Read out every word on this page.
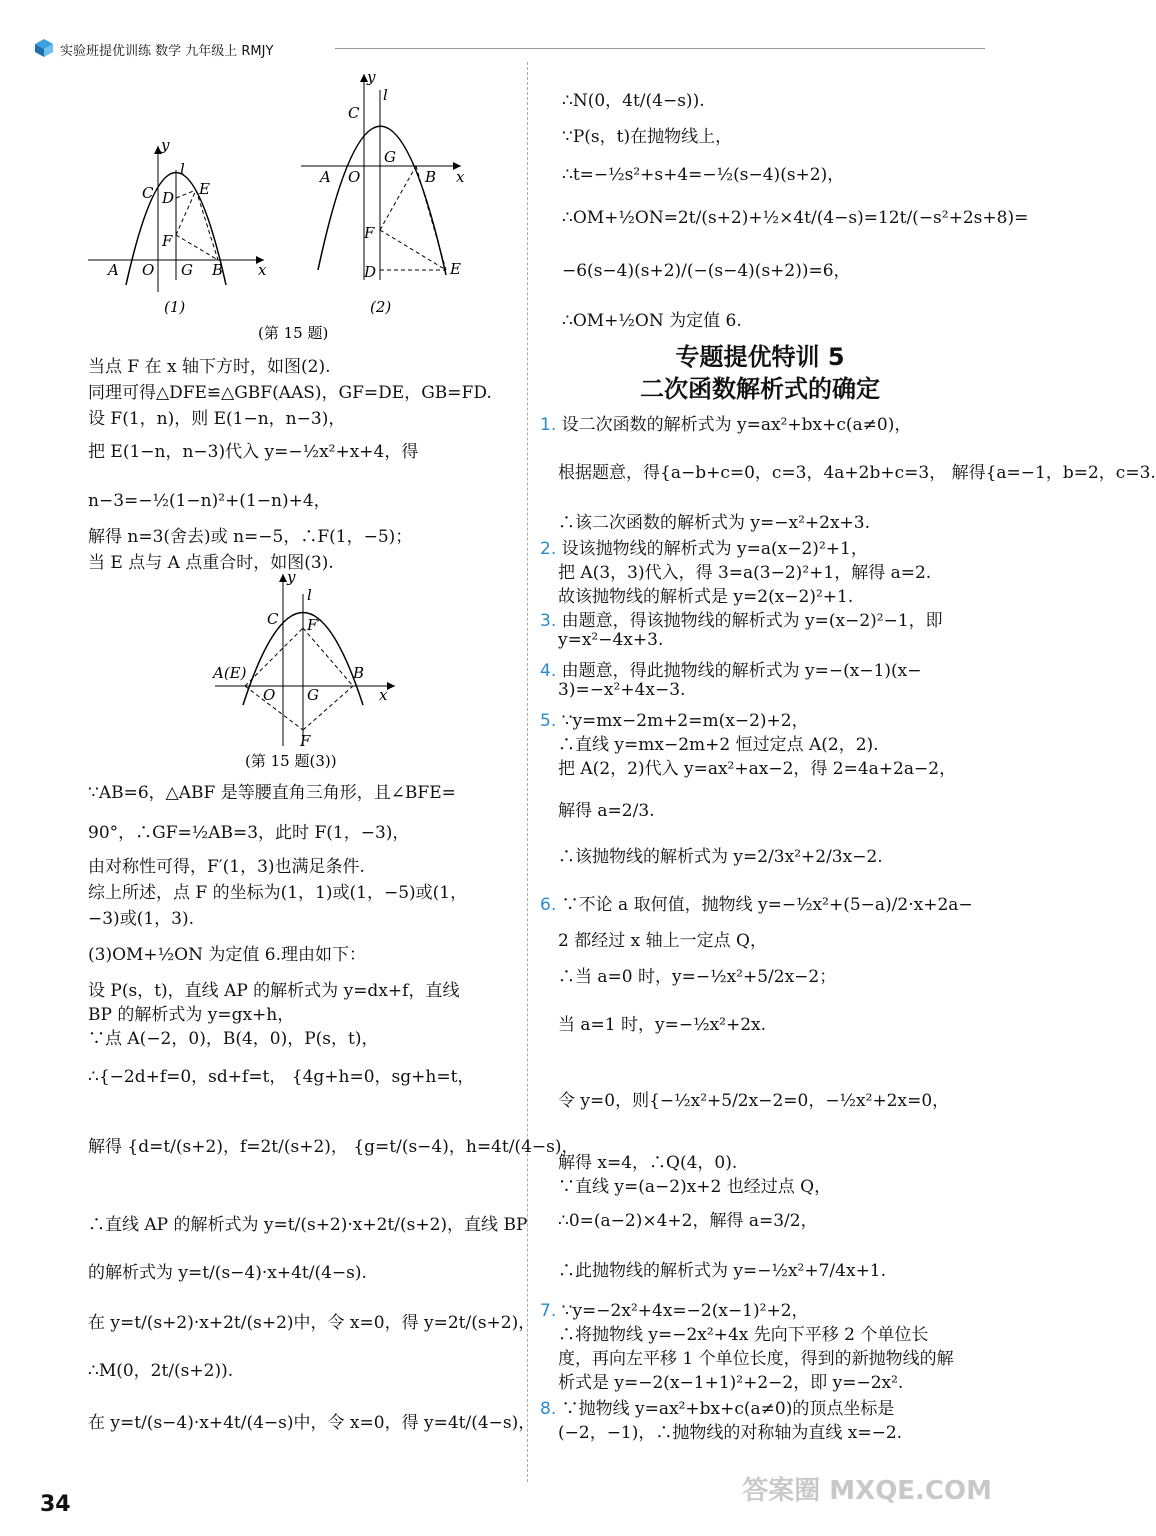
实验班提优训练 数学 九年级上 RMJY
y
l
C D E
F
A O G B x
y
l
C
G
A O	B x
F
D	E
(1)	(2)
(第 15 题)
当点 F 在 x 轴下方时，如图(2).
同理可得△DFE≌△GBF(AAS)，GF=DE，GB=FD.
设 F(1，n)，则 E(1−n，n−3)，
把 E(1−n，n−3)代入 y=−½x²+x+4，得
n−3=−½(1−n)²+(1−n)+4，
解得 n=3(舍去)或 n=−5，∴F(1，−5)；
当 E 点与 A 点重合时，如图(3).
y
l
C F′
A(E)
O G
B
x
F
(第 15 题(3))
∵AB=6，△ABF 是等腰直角三角形，且∠BFE=
90°，∴GF=½AB=3，此时 F(1，−3)，
由对称性可得，F′(1，3)也满足条件.
综上所述，点 F 的坐标为(1，1)或(1，−5)或(1，
−3)或(1，3).
(3)OM+½ON 为定值 6.理由如下：
设 P(s，t)，直线 AP 的解析式为 y=dx+f，直线
BP 的解析式为 y=gx+h，
∵点 A(−2，0)，B(4，0)，P(s，t)，
∴{−2d+f=0，sd+f=t， {4g+h=0，sg+h=t，
解得 {d=t/(s+2)，f=2t/(s+2)， {g=t/(s−4)，h=4t/(4−s)，
∴直线 AP 的解析式为 y=t/(s+2)·x+2t/(s+2)，直线 BP
的解析式为 y=t/(s−4)·x+4t/(4−s).
在 y=t/(s+2)·x+2t/(s+2)中，令 x=0，得 y=2t/(s+2)，
∴M(0，2t/(s+2)).
在 y=t/(s−4)·x+4t/(4−s)中，令 x=0，得 y=4t/(4−s)，
∴N(0，4t/(4−s)).
∵P(s，t)在抛物线上，
∴t=−½s²+s+4=−½(s−4)(s+2)，
∴OM+½ON=2t/(s+2)+½×4t/(4−s)=12t/(−s²+2s+8)=
−6(s−4)(s+2)/(−(s−4)(s+2))=6，
∴OM+½ON 为定值 6.
专题提优特训 5
二次函数解析式的确定
1. 设二次函数的解析式为 y=ax²+bx+c(a≠0)，
根据题意，得{a−b+c=0，c=3，4a+2b+c=3， 解得{a=−1，b=2，c=3.
∴该二次函数的解析式为 y=−x²+2x+3.
2. 设该抛物线的解析式为 y=a(x−2)²+1，
把 A(3，3)代入，得 3=a(3−2)²+1，解得 a=2.
故该抛物线的解析式是 y=2(x−2)²+1.
3. 由题意，得该抛物线的解析式为 y=(x−2)²−1，即
y=x²−4x+3.
4. 由题意，得此抛物线的解析式为 y=−(x−1)(x−
3)=−x²+4x−3.
5. ∵y=mx−2m+2=m(x−2)+2，
∴直线 y=mx−2m+2 恒过定点 A(2，2).
把 A(2，2)代入 y=ax²+ax−2，得 2=4a+2a−2，
解得 a=2/3.
∴该抛物线的解析式为 y=2/3x²+2/3x−2.
6. ∵不论 a 取何值，抛物线 y=−½x²+(5−a)/2·x+2a−
2 都经过 x 轴上一定点 Q，
∴当 a=0 时，y=−½x²+5/2x−2；
当 a=1 时，y=−½x²+2x.
令 y=0，则{−½x²+5/2x−2=0，−½x²+2x=0，
解得 x=4，∴Q(4，0).
∵直线 y=(a−2)x+2 也经过点 Q，
∴0=(a−2)×4+2，解得 a=3/2，
∴此抛物线的解析式为 y=−½x²+7/4x+1.
7. ∵y=−2x²+4x=−2(x−1)²+2，
∴将抛物线 y=−2x²+4x 先向下平移 2 个单位长
度，再向左平移 1 个单位长度，得到的新抛物线的解
析式是 y=−2(x−1+1)²+2−2，即 y=−2x².
8. ∵抛物线 y=ax²+bx+c(a≠0)的顶点坐标是
(−2，−1)，∴抛物线的对称轴为直线 x=−2.
34	答案圈 MXQE.COM
